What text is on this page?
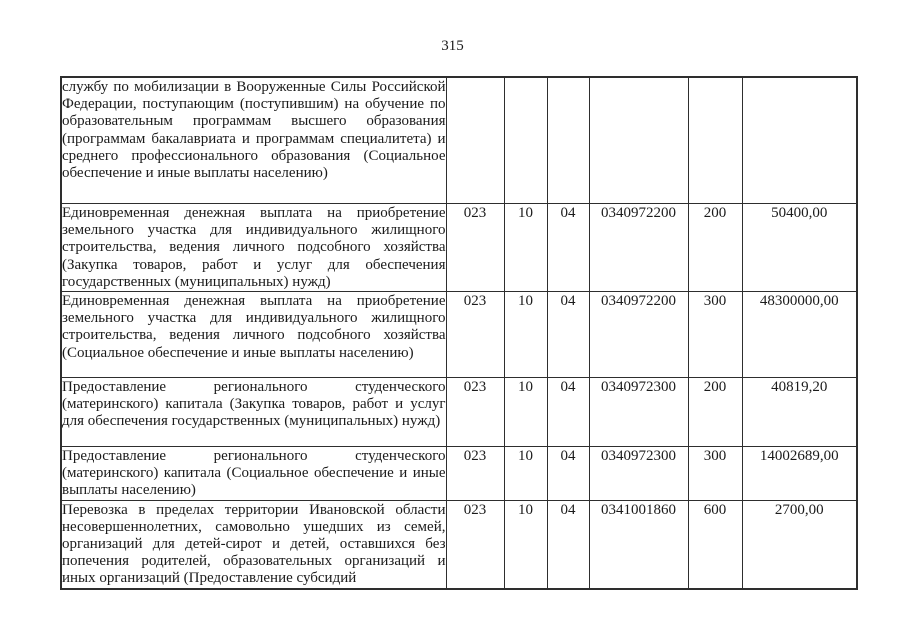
315
службу по мобилизации в Вооруженные Силы Российской Федерации, поступающим (поступившим) на обучение по образовательным программам высшего образования (программам бакалавриата и программам специалитета) и среднего профессионального образования (Социальное обеспечение и иные выплаты населению)						
Единовременная денежная выплата на приобретение земельного участка для индивидуального жилищного строительства, ведения личного подсобного хозяйства (Закупка товаров, работ и услуг для обеспечения государственных (муниципальных) нужд)	023	10	04	0340972200	200	50400,00
Единовременная денежная выплата на приобретение земельного участка для индивидуального жилищного строительства, ведения личного подсобного хозяйства (Социальное обеспечение и иные выплаты населению)	023	10	04	0340972200	300	48300000,00
Предоставление регионального студенческого (материнского) капитала (Закупка товаров, работ и услуг для обеспечения государственных (муниципальных) нужд)	023	10	04	0340972300	200	40819,20
Предоставление регионального студенческого (материнского) капитала (Социальное обеспечение и иные выплаты населению)	023	10	04	0340972300	300	14002689,00
Перевозка в пределах территории Ивановской области несовершеннолетних, самовольно ушедших из семей, организаций для детей-сирот и детей, оставшихся без попечения родителей, образовательных организаций и иных организаций (Предоставление субсидий	023	10	04	0341001860	600	2700,00
